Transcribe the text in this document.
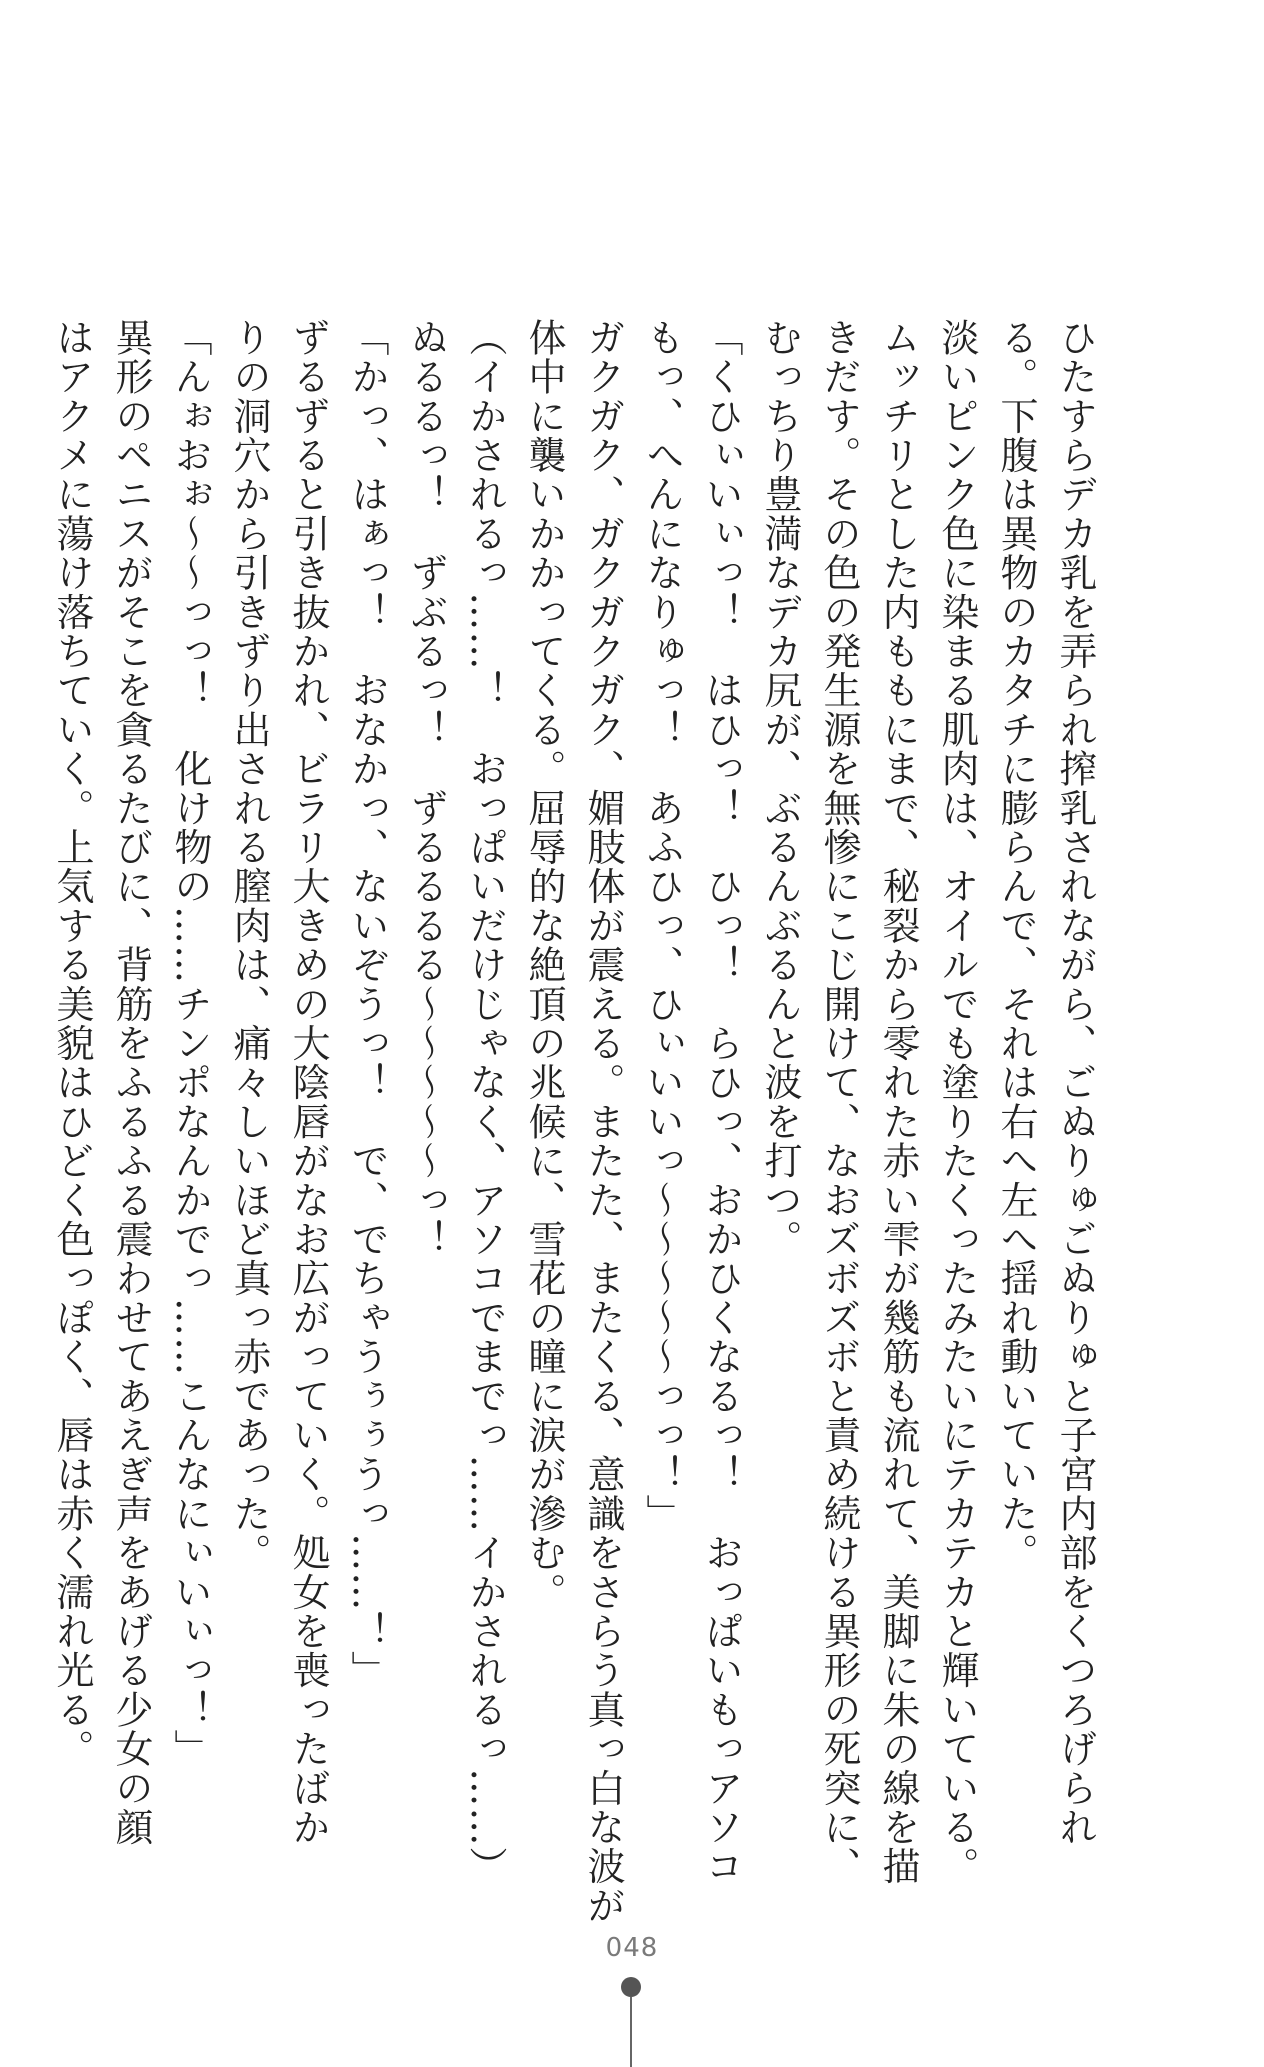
ひたすらデカ乳を弄られ搾乳されながら、ごぬりゅごぬりゅと子宮内部をくつろげられ
る。下腹は異物のカタチに膨らんで、それは右へ左へ揺れ動いていた。
淡いピンク色に染まる肌肉は、オイルでも塗りたくったみたいにテカテカと輝いている。
ムッチリとした内ももにまで、秘裂から零れた赤い雫が幾筋も流れて、美脚に朱の線を描
きだす。その色の発生源を無惨にこじ開けて、なおズボズボと責め続ける異形の死突に、
むっちり豊満なデカ尻が、ぶるんぶるんと波を打つ。
「くひぃいぃっ！　はひっ！　ひっ！　らひっ、おかひくなるっ！　おっぱいもっアソコ
もっ、へんになりゅっ！　あふひっ、ひぃいいっ～～～～～っっ！」
ガクガク、ガクガクガク、媚肢体が震える。またた、またくる、意識をさらう真っ白な波が
体中に襲いかかってくる。屈辱的な絶頂の兆候に、雪花の瞳に涙が滲む。
（イかされるっ……！　おっぱいだけじゃなく、アソコでまでっ……イかされるっ……）
ぬるるっ！　ずぶるっ！　ずるるるる～～～～～っ！
「かっ、はぁっ！　おなかっ、ないぞうっ！　で、でちゃうぅぅうっ……！」
ずるずると引き抜かれ、ビラリ大きめの大陰唇がなお広がっていく。処女を喪ったばか
りの洞穴から引きずり出される膣肉は、痛々しいほど真っ赤であった。
「んぉおぉ～～っっ！　化け物の……チンポなんかでっ……こんなにぃいぃっ！」
異形のペニスがそこを貪るたびに、背筋をふるふる震わせてあえぎ声をあげる少女の顔
はアクメに蕩け落ちていく。上気する美貌はひどく色っぽく、唇は赤く濡れ光る。
048
